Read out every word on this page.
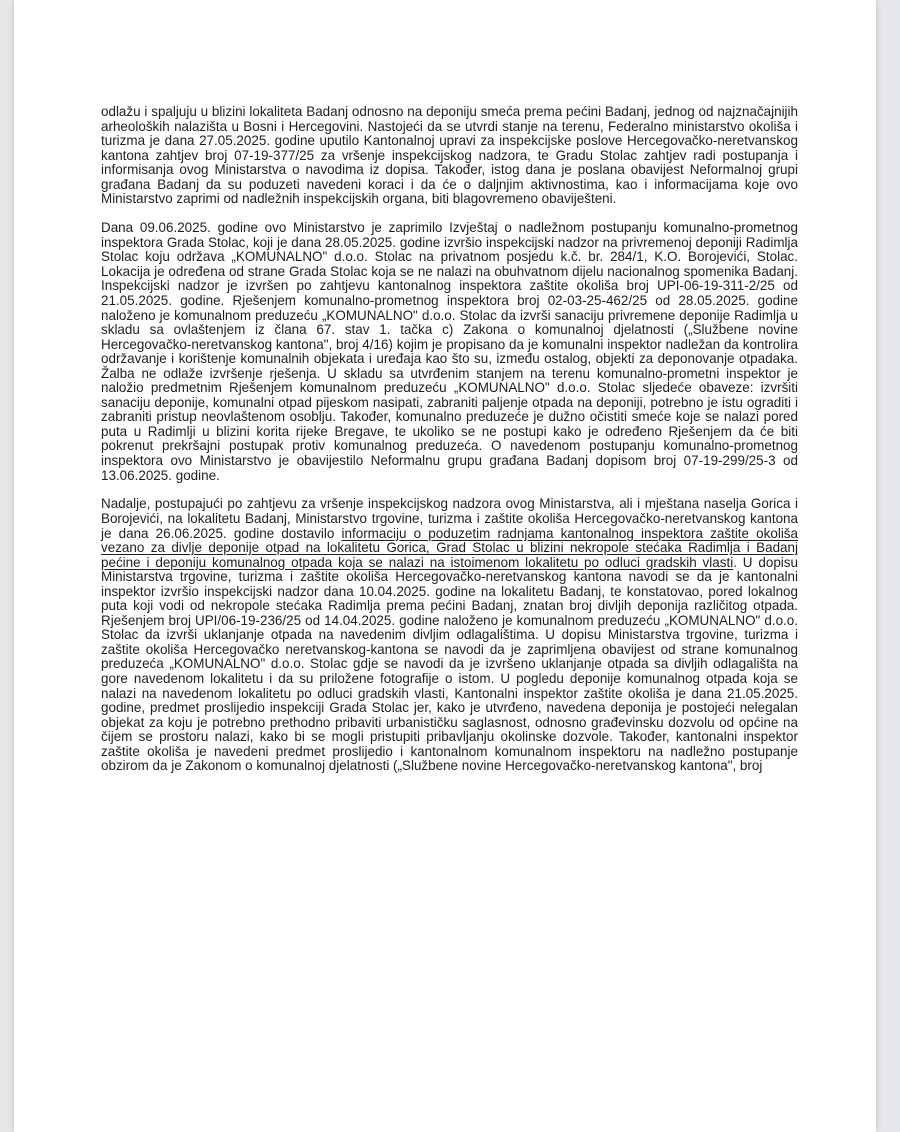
odlažu i spaljuju u blizini lokaliteta Badanj odnosno na deponiju smeća prema pećini Badanj, jednog od najznačajnijih arheoloških nalazišta u Bosni i Hercegovini. Nastojeći da se utvrdi stanje na terenu, Federalno ministarstvo okoliša i turizma je dana 27.05.2025. godine uputilo Kantonalnoj upravi za inspekcijske poslove Hercegovačko-neretvanskog kantona zahtjev broj 07-19-377/25 za vršenje inspekcijskog nadzora, te Gradu Stolac zahtjev radi postupanja i informisanja ovog Ministarstva o navodima iz dopisa. Također, istog dana je poslana obavijest Neformalnoj grupi građana Badanj da su poduzeti navedeni koraci i da će o daljnjim aktivnostima, kao i informacijama koje ovo Ministarstvo zaprimi od nadležnih inspekcijskih organa, biti blagovremeno obaviješteni.

Dana 09.06.2025. godine ovo Ministarstvo je zaprimilo Izvještaj o nadležnom postupanju komunalno-prometnog inspektora Grada Stolac, koji je dana 28.05.2025. godine izvršio inspekcijski nadzor na privremenoj deponiji Radimlja Stolac koju održava „KOMUNALNO" d.o.o. Stolac na privatnom posjedu k.č. br. 284/1, K.O. Borojevići, Stolac. Lokacija je određena od strane Grada Stolac koja se ne nalazi na obuhvatnom dijelu nacionalnog spomenika Badanj. Inspekcijski nadzor je izvršen po zahtjevu kantonalnog inspektora zaštite okoliša broj UPI-06-19-311-2/25 od 21.05.2025. godine. Rješenjem komunalno-prometnog inspektora broj 02-03-25-462/25 od 28.05.2025. godine naloženo je komunalnom preduzeću „KOMUNALNO" d.o.o. Stolac da izvrši sanaciju privremene deponije Radimlja u skladu sa ovlaštenjem iz člana 67. stav 1. tačka c) Zakona o komunalnoj djelatnosti („Službene novine Hercegovačko-neretvanskog kantona", broj 4/16) kojim je propisano da je komunalni inspektor nadležan da kontrolira održavanje i korištenje komunalnih objekata i uređaja kao što su, između ostalog, objekti za deponovanje otpadaka. Žalba ne odlaže izvršenje rješenja. U skladu sa utvrđenim stanjem na terenu komunalno-prometni inspektor je naložio predmetnim Rješenjem komunalnom preduzeću „KOMUNALNO" d.o.o. Stolac sljedeće obaveze: izvršiti sanaciju deponije, komunalni otpad pijeskom nasipati, zabraniti paljenje otpada na deponiji, potrebno je istu ograditi i zabraniti pristup neovlaštenom osoblju. Također, komunalno preduzeće je dužno očistiti smeće koje se nalazi pored puta u Radimlji u blizini korita rijeke Bregave, te ukoliko se ne postupi kako je određeno Rješenjem da će biti pokrenut prekršajni postupak protiv komunalnog preduzeća. O navedenom postupanju komunalno-prometnog inspektora ovo Ministarstvo je obavijestilo Neformalnu grupu građana Badanj dopisom broj 07-19-299/25-3 od 13.06.2025. godine.

Nadalje, postupajući po zahtjevu za vršenje inspekcijskog nadzora ovog Ministarstva, ali i mještana naselja Gorica i Borojevići, na lokalitetu Badanj, Ministarstvo trgovine, turizma i zaštite okoliša Hercegovačko-neretvanskog kantona je dana 26.06.2025. godine dostavilo informaciju o poduzetim radnjama kantonalnog inspektora zaštite okoliša vezano za divlje deponije otpad na lokalitetu Gorica, Grad Stolac u blizini nekropole stećaka Radimlja i Badanj pećine i deponiju komunalnog otpada koja se nalazi na istoimenom lokalitetu po odluci gradskih vlasti. U dopisu Ministarstva trgovine, turizma i zaštite okoliša Hercegovačko-neretvanskog kantona navodi se da je kantonalni inspektor izvršio inspekcijski nadzor dana 10.04.2025. godine na lokalitetu Badanj, te konstatovao, pored lokalnog puta koji vodi od nekropole stećaka Radimlja prema pećini Badanj, znatan broj divljih deponija različitog otpada. Rješenjem broj UPI/06-19-236/25 od 14.04.2025. godine naloženo je komunalnom preduzeću „KOMUNALNO" d.o.o. Stolac da izvrši uklanjanje otpada na navedenim divljim odlagalištima. U dopisu Ministarstva trgovine, turizma i zaštite okoliša Hercegovačko neretvanskog-kantona se navodi da je zaprimljena obavijest od strane komunalnog preduzeća „KOMUNALNO" d.o.o. Stolac gdje se navodi da je izvršeno uklanjanje otpada sa divljih odlagališta na gore navedenom lokalitetu i da su priložene fotografije o istom. U pogledu deponije komunalnog otpada koja se nalazi na navedenom lokalitetu po odluci gradskih vlasti, Kantonalni inspektor zaštite okoliša je dana 21.05.2025. godine, predmet proslijedio inspekciji Grada Stolac jer, kako je utvrđeno, navedena deponija je postojeći nelegalan objekat za koju je potrebno prethodno pribaviti urbanističku saglasnost, odnosno građevinsku dozvolu od općine na čijem se prostoru nalazi, kako bi se mogli pristupiti pribavljanju okolinske dozvole. Također, kantonalni inspektor zaštite okoliša je navedeni predmet proslijedio i kantonalnom komunalnom inspektoru na nadležno postupanje obzirom da je Zakonom o komunalnoj djelatnosti („Službene novine Hercegovačko-neretvanskog kantona", broj
